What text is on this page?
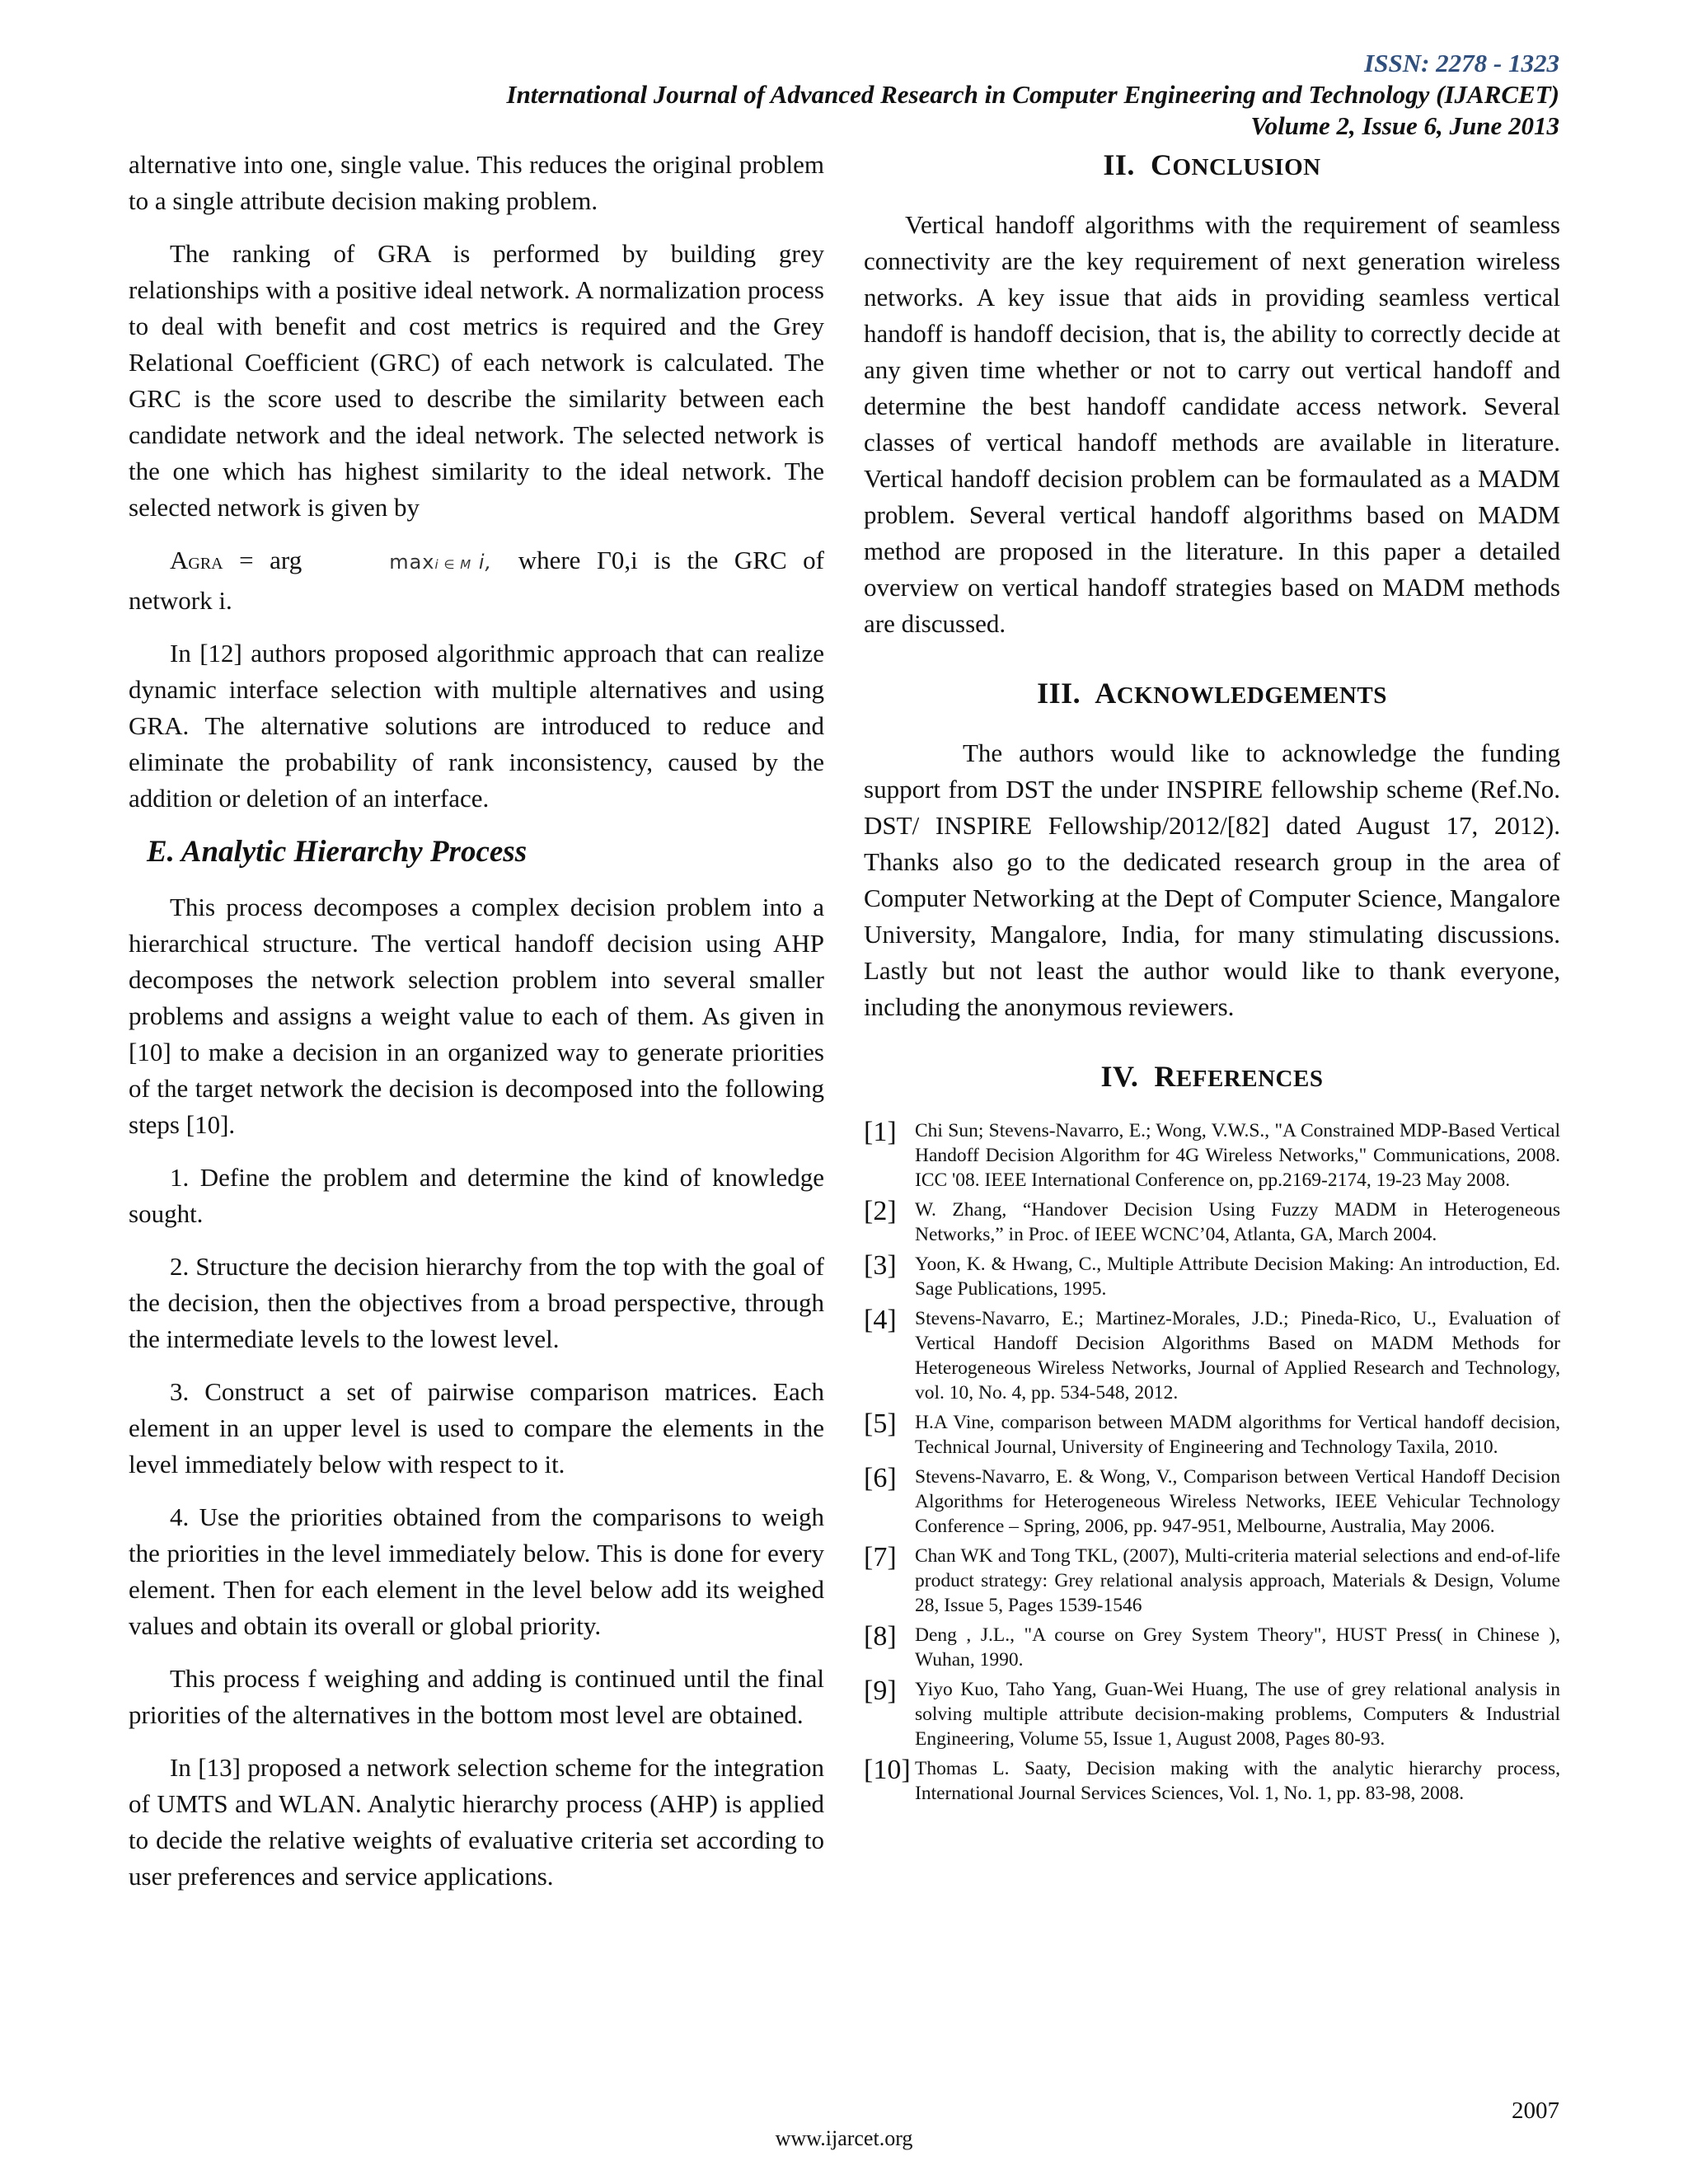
ISSN: 2278 - 1323
International Journal of Advanced Research in Computer Engineering and Technology (IJARCET)
Volume 2, Issue 6, June 2013

alternative into one, single value. This reduces the original problem to a single attribute decision making problem.

The ranking of GRA is performed by building grey relationships with a positive ideal network. A normalization process to deal with benefit and cost metrics is required and the Grey Relational Coefficient (GRC) of each network is calculated. The GRC is the score used to describe the similarity between each candidate network and the ideal network. The selected network is the one which has highest similarity to the ideal network. The selected network is given by

AGRA = arg	maxi ∈ M i, where Γ0,i is the GRC of network i.

In [12] authors proposed algorithmic approach that can realize dynamic interface selection with multiple alternatives and using GRA. The alternative solutions are introduced to reduce and eliminate the probability of rank inconsistency, caused by the addition or deletion of an interface.

E. Analytic Hierarchy Process

This process decomposes a complex decision problem into a hierarchical structure. The vertical handoff decision using AHP decomposes the network selection problem into several smaller problems and assigns a weight value to each of them. As given in [10] to make a decision in an organized way to generate priorities of the target network the decision is decomposed into the following steps [10].

1. Define the problem and determine the kind of knowledge sought.

2. Structure the decision hierarchy from the top with the goal of the decision, then the objectives from a broad perspective, through the intermediate levels to the lowest level.

3. Construct a set of pairwise comparison matrices. Each element in an upper level is used to compare the elements in the level immediately below with respect to it.

4. Use the priorities obtained from the comparisons to weigh the priorities in the level immediately below. This is done for every element. Then for each element in the level below add its weighed values and obtain its overall or global priority.

This process f weighing and adding is continued until the final priorities of the alternatives in the bottom most level are obtained.

In [13] proposed a network selection scheme for the integration of UMTS and WLAN. Analytic hierarchy process (AHP) is applied to decide the relative weights of evaluative criteria set according to user preferences and service applications.

II. CONCLUSION

Vertical handoff algorithms with the requirement of seamless connectivity are the key requirement of next generation wireless networks. A key issue that aids in providing seamless vertical handoff is handoff decision, that is, the ability to correctly decide at any given time whether or not to carry out vertical handoff and determine the best handoff candidate access network. Several classes of vertical handoff methods are available in literature. Vertical handoff decision problem can be formaulated as a MADM problem. Several vertical handoff algorithms based on MADM method are proposed in the literature. In this paper a detailed overview on vertical handoff strategies based on MADM methods are discussed.

III. ACKNOWLEDGEMENTS

The authors would like to acknowledge the funding support from DST the under INSPIRE fellowship scheme (Ref.No. DST/ INSPIRE Fellowship/2012/[82] dated August 17, 2012). Thanks also go to the dedicated research group in the area of Computer Networking at the Dept of Computer Science, Mangalore University, Mangalore, India, for many stimulating discussions. Lastly but not least the author would like to thank everyone, including the anonymous reviewers.

IV. REFERENCES
[1] Chi Sun; Stevens-Navarro, E.; Wong, V.W.S., "A Constrained MDP-Based Vertical Handoff Decision Algorithm for 4G Wireless Networks," Communications, 2008. ICC '08. IEEE International Conference on, pp.2169-2174, 19-23 May 2008.
[2] W. Zhang, “Handover Decision Using Fuzzy MADM in Heterogeneous Networks,” in Proc. of IEEE WCNC’04, Atlanta, GA, March 2004.
[3] Yoon, K. & Hwang, C., Multiple Attribute Decision Making: An introduction, Ed. Sage Publications, 1995.
[4] Stevens-Navarro, E.; Martinez-Morales, J.D.; Pineda-Rico, U., Evaluation of Vertical Handoff Decision Algorithms Based on MADM Methods for Heterogeneous Wireless Networks, Journal of Applied Research and Technology, vol. 10, No. 4, pp. 534-548, 2012.
[5] H.A Vine, comparison between MADM algorithms for Vertical handoff decision, Technical Journal, University of Engineering and Technology Taxila, 2010.
[6] Stevens-Navarro, E. & Wong, V., Comparison between Vertical Handoff Decision Algorithms for Heterogeneous Wireless Networks, IEEE Vehicular Technology Conference – Spring, 2006, pp. 947-951, Melbourne, Australia, May 2006.
[7] Chan WK and Tong TKL, (2007), Multi-criteria material selections and end-of-life product strategy: Grey relational analysis approach, Materials & Design, Volume 28, Issue 5, Pages 1539-1546
[8] Deng , J.L., "A course on Grey System Theory", HUST Press( in Chinese ), Wuhan, 1990.
[9] Yiyo Kuo, Taho Yang, Guan-Wei Huang, The use of grey relational analysis in solving multiple attribute decision-making problems, Computers & Industrial Engineering, Volume 55, Issue 1, August 2008, Pages 80-93.
[10] Thomas L. Saaty, Decision making with the analytic hierarchy process, International Journal Services Sciences, Vol. 1, No. 1, pp. 83-98, 2008.
2007
www.ijarcet.org
